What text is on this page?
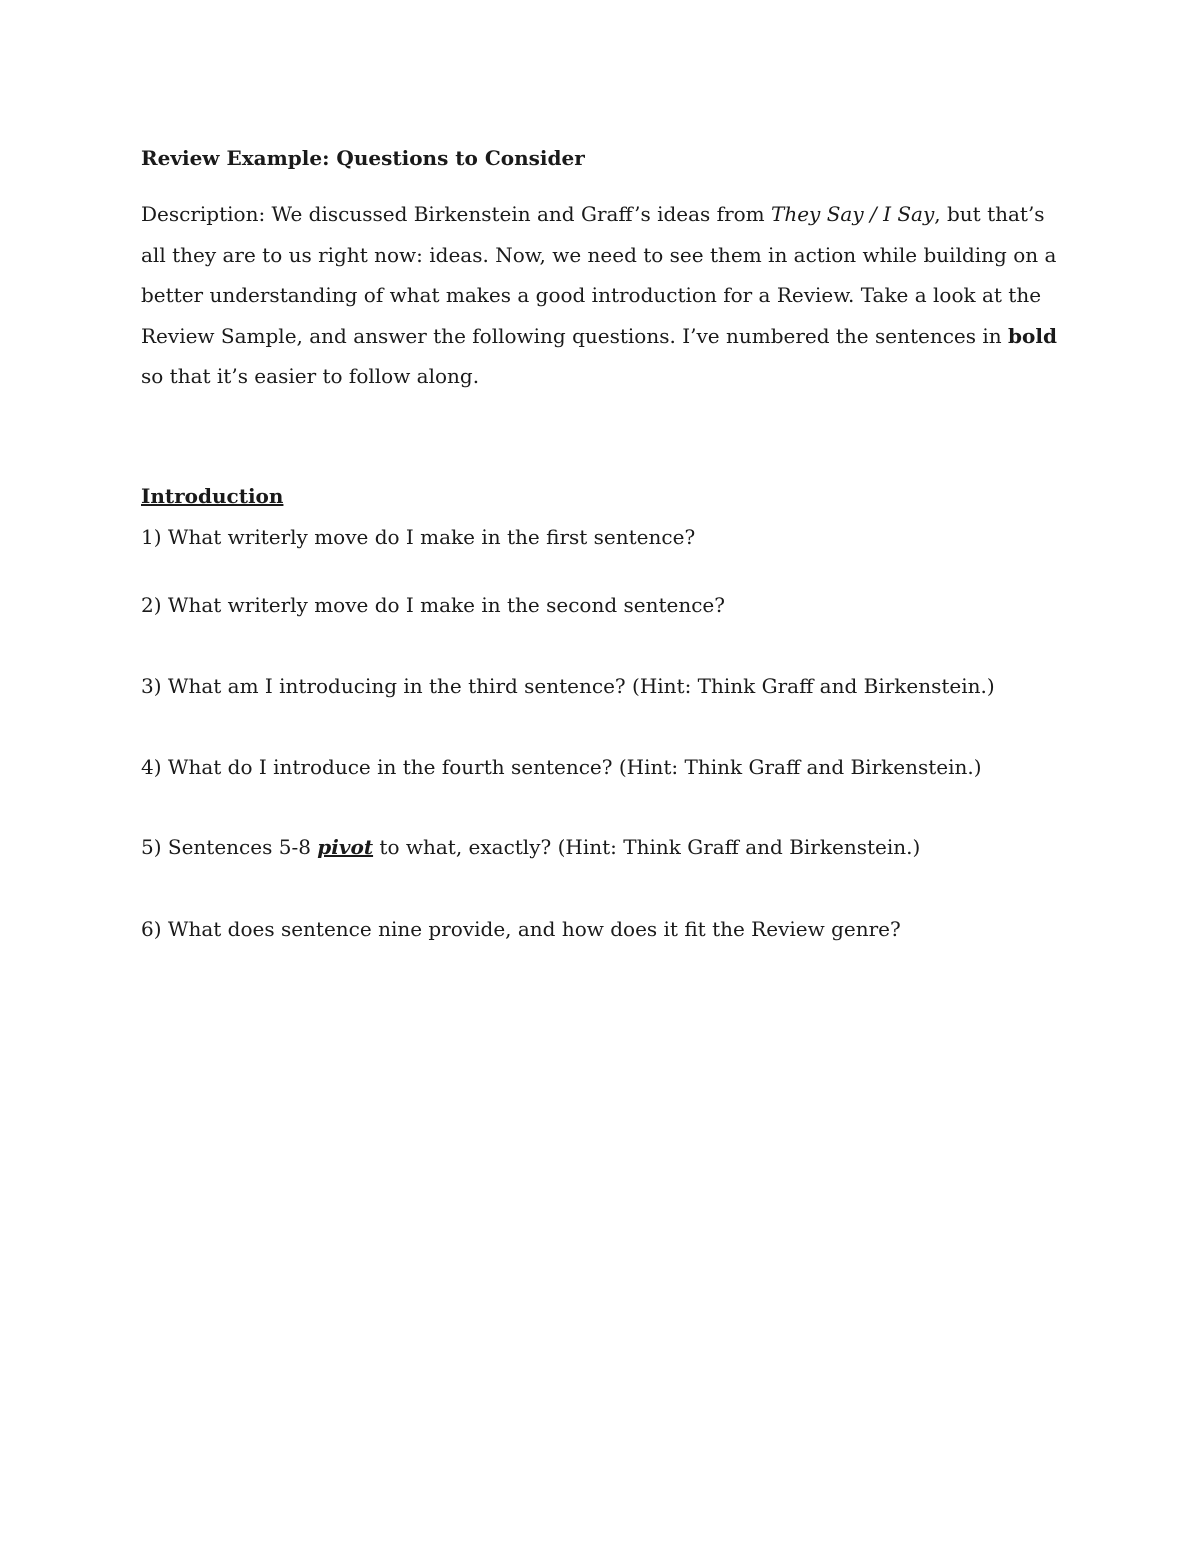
Review Example: Questions to Consider

Description: We discussed Birkenstein and Graff’s ideas from They Say / I Say, but that’s all they are to us right now: ideas. Now, we need to see them in action while building on a better understanding of what makes a good introduction for a Review. Take a look at the Review Sample, and answer the following questions. I’ve numbered the sentences in bold so that it’s easier to follow along.

Introduction

1) What writerly move do I make in the first sentence?

2) What writerly move do I make in the second sentence?

3) What am I introducing in the third sentence? (Hint: Think Graff and Birkenstein.)

4) What do I introduce in the fourth sentence? (Hint: Think Graff and Birkenstein.)

5) Sentences 5-8 pivot to what, exactly? (Hint: Think Graff and Birkenstein.)

6) What does sentence nine provide, and how does it fit the Review genre?
